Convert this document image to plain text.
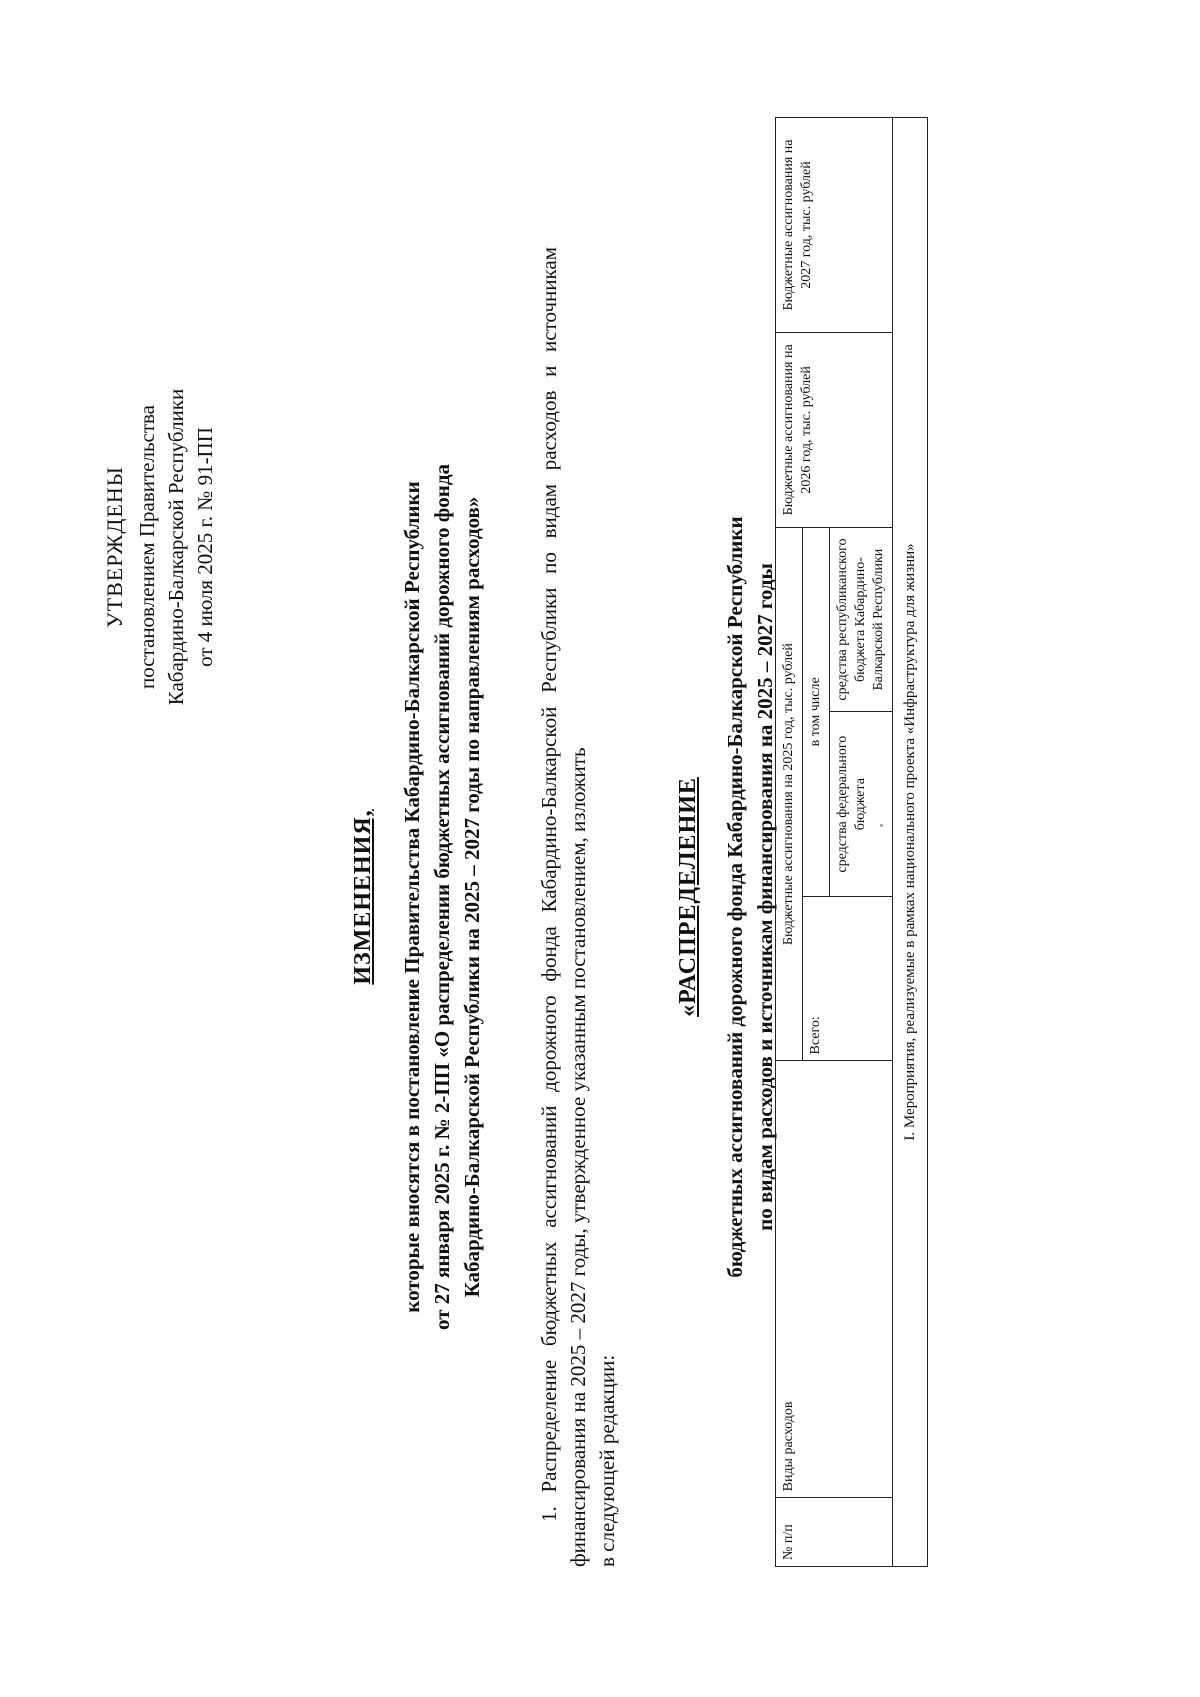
УТВЕРЖДЕНЫ постановлением Правительства Кабардино-Балкарской Республики от 4 июля 2025 г. № 91-ПП
ИЗМЕНЕНИЯ, которые вносятся в постановление Правительства Кабардино-Балкарской Республики от 27 января 2025 г. № 2-ПП «О распределении бюджетных ассигнований дорожного фонда Кабардино-Балкарской Республики на 2025 – 2027 годы по направлениям расходов»	1. Распределение бюджетных ассигнований дорожного фонда Кабардино-Балкарской Республики по видам расходов и источникам финансирования на 2025 – 2027 годы, утвержденное указанным постановлением, изложить в следующей редакции:
«РАСПРЕДЕЛЕНИЕ бюджетных ассигнований дорожного фонда Кабардино-Балкарской Республики по видам расходов и источникам финансирования на 2025 – 2027 годы
№ п/п	Виды расходов	Бюджетные ассигнования на 2025 год, тыс. рублей			Бюджетные ассигнования на 2026 год, тыс. рублей	Бюджетные ассигнования на 2027 год, тыс. рублей
		Всего:	в том числе			
			средства федерального бюджета	средства республиканского бюджета Кабардино-Балкарской Республики		
I. Мероприятия, реализуемые в рамках национального проекта «Инфраструктура для жизни»						
